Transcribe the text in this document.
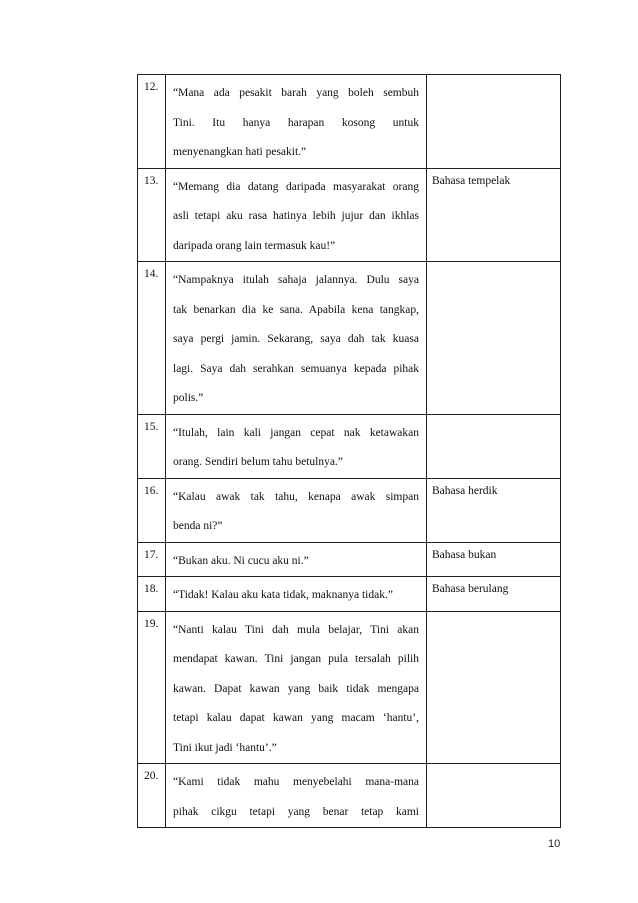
12.	“Mana ada pesakit barah yang boleh sembuh
Tini. Itu hanya harapan kosong untuk
menyenangkan hati pesakit.”	

13.	“Memang dia datang daripada masyarakat orang
asli tetapi aku rasa hatinya lebih jujur dan ikhlas
daripada orang lain termasuk kau!”	Bahasa tempelak
14.	“Nampaknya itulah sahaja jalannya. Dulu saya
tak benarkan dia ke sana. Apabila kena tangkap,
saya pergi jamin. Sekarang, saya dah tak kuasa
lagi. Saya dah serahkan semuanya kepada pihak
polis.”	

15.	“Itulah, lain kali jangan cepat nak ketawakan
orang. Sendiri belum tahu betulnya.”	

16.	“Kalau awak tak tahu, kenapa awak simpan
benda ni?”	Bahasa herdik
17.	“Bukan aku. Ni cucu aku ni.”	Bahasa bukan
18.	“Tidak! Kalau aku kata tidak, maknanya tidak.”	Bahasa berulang
19.	“Nanti kalau Tini dah mula belajar, Tini akan
mendapat kawan. Tini jangan pula tersalah pilih
kawan. Dapat kawan yang baik tidak mengapa
tetapi kalau dapat kawan yang macam ‘hantu’,
Tini ikut jadi ‘hantu’.”	

20.	“Kami tidak mahu menyebelahi mana-mana
pihak cikgu tetapi yang benar tetap kami	

10
